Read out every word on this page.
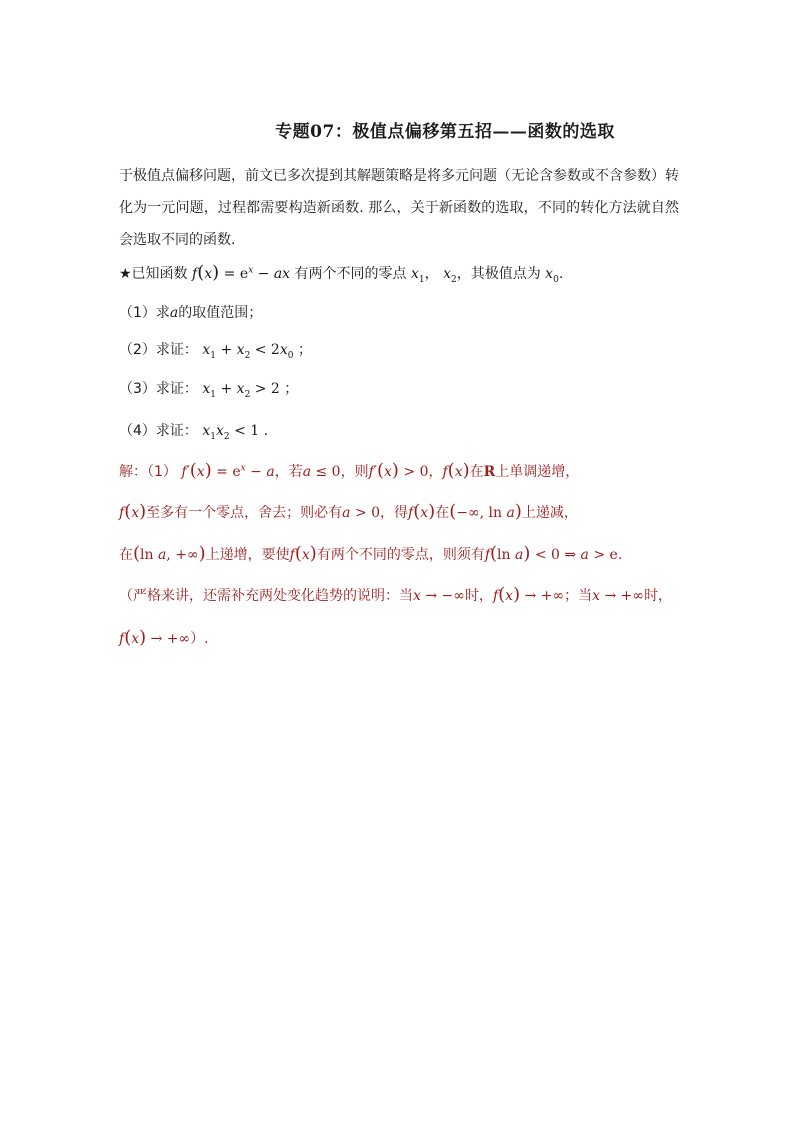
专题07：极值点偏移第五招——函数的选取
于极值点偏移问题，前文已多次提到其解题策略是将多元问题（无论含参数或不含参数）转化为一元问题，过程都需要构造新函数. 那么，关于新函数的选取，不同的转化方法就自然会选取不同的函数.
★已知函数 $f(x) = e^x$ − ax 有两个不同的零点 $x_1$， $x_2$，其极值点为 $x_0$.
（1）求a的取值范围；
（2）求证： $x_1 + x_2 < 2x_0$ ；
（3）求证： $x_1 + x_2 > 2$ ；
（4）求证： $x_1x_2 < 1$ .
解：（1） $f'(x) = e^x - a$，若a ≤ 0，则f′(x) > 0，f(x)在R上单调递增，
f(x)至多有一个零点，舍去；则必有a > 0，得f(x)在(−∞, ln a)上递减，
在(ln a, +∞)上递增，要使f(x)有两个不同的零点，则须有f(ln a) < 0 ⇒ a > e.
（严格来讲，还需补充两处变化趋势的说明：当x → −∞时，f(x) → +∞；当x → +∞时，
f(x) → +∞）.
